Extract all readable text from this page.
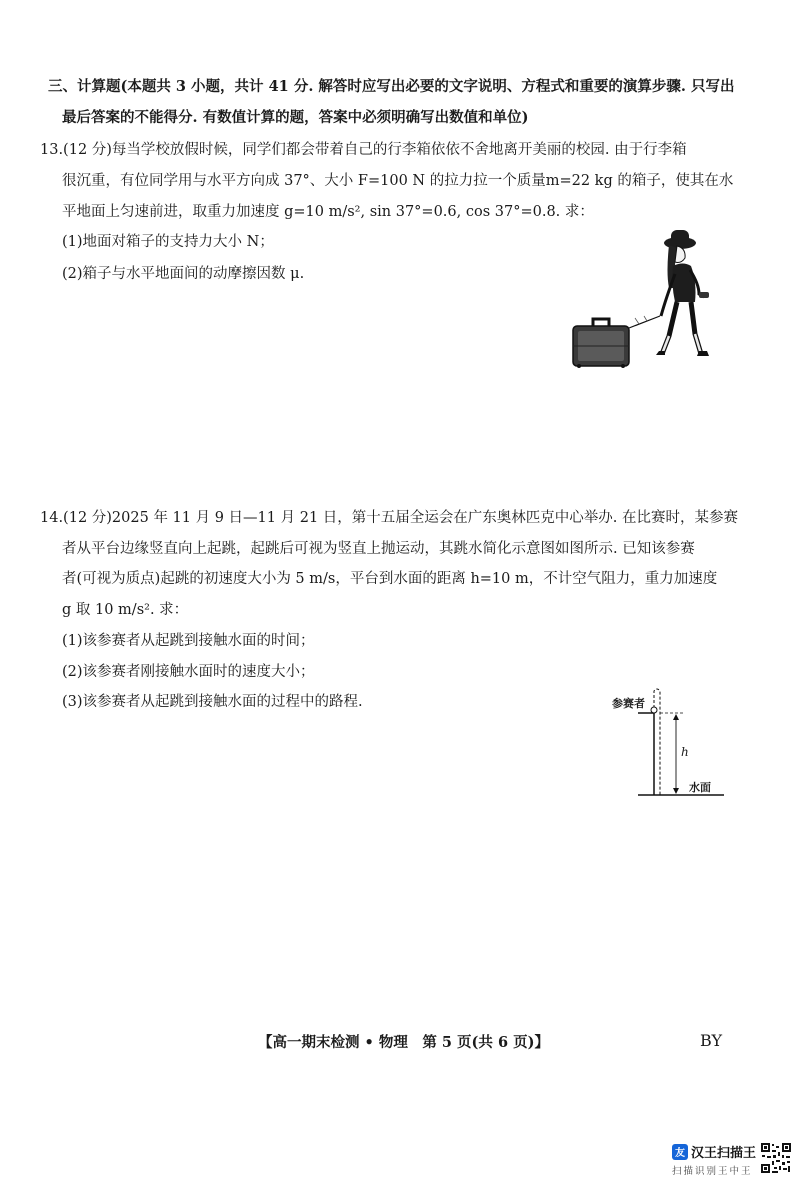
三、计算题(本题共 3 小题，共计 41 分. 解答时应写出必要的文字说明、方程式和重要的演算步骤. 只写出
最后答案的不能得分. 有数值计算的题，答案中必须明确写出数值和单位)
13.(12 分)每当学校放假时候，同学们都会带着自己的行李箱依依不舍地离开美丽的校园. 由于行李箱
很沉重，有位同学用与水平方向成 37°、大小 F=100 N 的拉力拉一个质量m=22 kg 的箱子，使其在水
平地面上匀速前进，取重力加速度 g=10 m/s², sin 37°=0.6, cos 37°=0.8. 求：
(1)地面对箱子的支持力大小 N；
(2)箱子与水平地面间的动摩擦因数 μ.
14.(12 分)2025 年 11 月 9 日—11 月 21 日，第十五届全运会在广东奥林匹克中心举办. 在比赛时，某参赛
者从平台边缘竖直向上起跳，起跳后可视为竖直上抛运动，其跳水简化示意图如图所示. 已知该参赛
者(可视为质点)起跳的初速度大小为 5 m/s，平台到水面的距离 h=10 m，不计空气阻力，重力加速度
g 取 10 m/s². 求：
(1)该参赛者从起跳到接触水面的时间；
(2)该参赛者刚接触水面时的速度大小；
(3)该参赛者从起跳到接触水面的过程中的路程.	参赛者
h
水面
【高一期末检测 • 物理　第 5 页(共 6 页)】	BY
友 汉王扫描王
扫描识别王中王
